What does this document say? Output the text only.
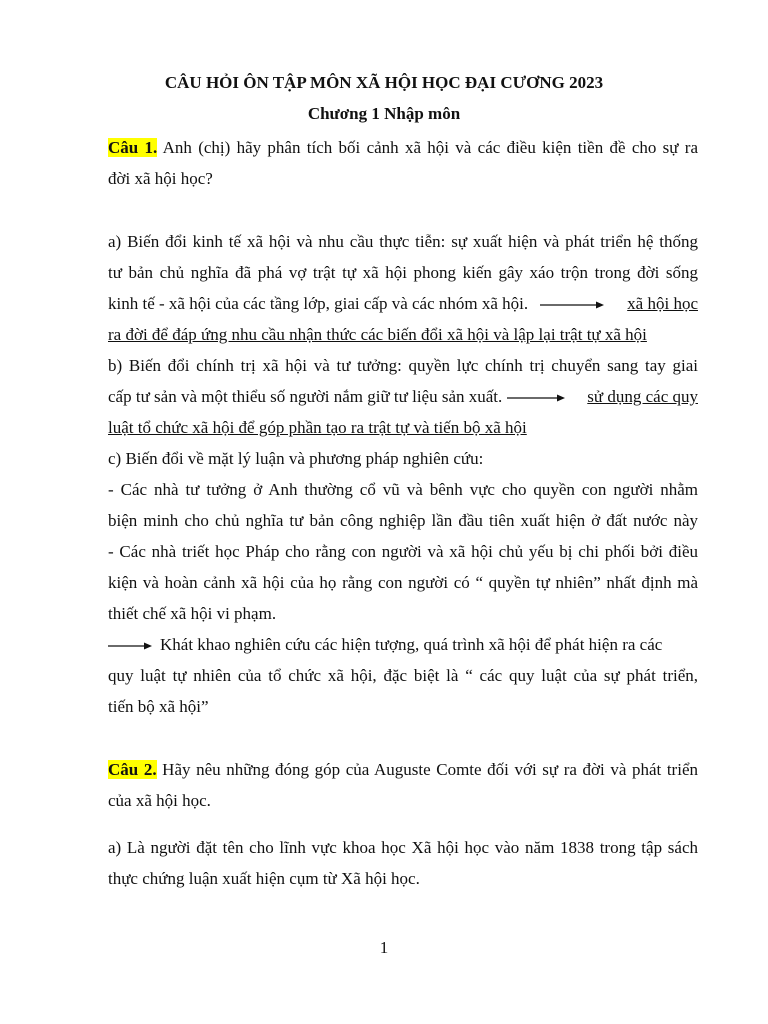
CÂU HỎI ÔN TẬP MÔN XÃ HỘI HỌC ĐẠI CƯƠNG 2023
Chương 1 Nhập môn
Câu 1. Anh (chị) hãy phân tích bối cảnh xã hội và các điều kiện tiền đề cho sự ra
đời xã hội học?
a) Biến đổi kinh tế xã hội và nhu cầu thực tiễn: sự xuất hiện và phát triển hệ thống
tư bản chủ nghĩa đã phá vợ trật tự xã hội phong kiến gây xáo trộn trong đời sống
kinh tế - xã hội của các tầng lớp, giai cấp và các nhóm xã hội.	xã hội học
ra đời để đáp ứng nhu cầu nhận thức các biến đổi xã hội và lập lại trật tự xã hội
b) Biến đổi chính trị xã hội và tư tưởng: quyền lực chính trị chuyển sang tay giai
cấp tư sản và một thiểu số người nắm giữ tư liệu sản xuất.	sử dụng các quy
luật tổ chức xã hội để góp phần tạo ra trật tự và tiến bộ xã hội
c) Biến đổi về mặt lý luận và phương pháp nghiên cứu:
- Các nhà tư tưởng ở Anh thường cổ vũ và bênh vực cho quyền con người nhằm
biện minh cho chủ nghĩa tư bản công nghiệp lần đầu tiên xuất hiện ở đất nước này
- Các nhà triết học Pháp cho rằng con người và xã hội chủ yếu bị chi phối bởi điều
kiện và hoàn cảnh xã hội của họ rằng con người có “ quyền tự nhiên” nhất định mà
thiết chế xã hội vi phạm.
Khát khao nghiên cứu các hiện tượng, quá trình xã hội để phát hiện ra các
quy luật tự nhiên của tổ chức xã hội, đặc biệt là “ các quy luật của sự phát triển,
tiến bộ xã hội”
Câu 2. Hãy nêu những đóng góp của Auguste Comte đối với sự ra đời và phát triển
của xã hội học.
a) Là người đặt tên cho lĩnh vực khoa học Xã hội học vào năm 1838 trong tập sách
thực chứng luận xuất hiện cụm từ Xã hội học.
1
